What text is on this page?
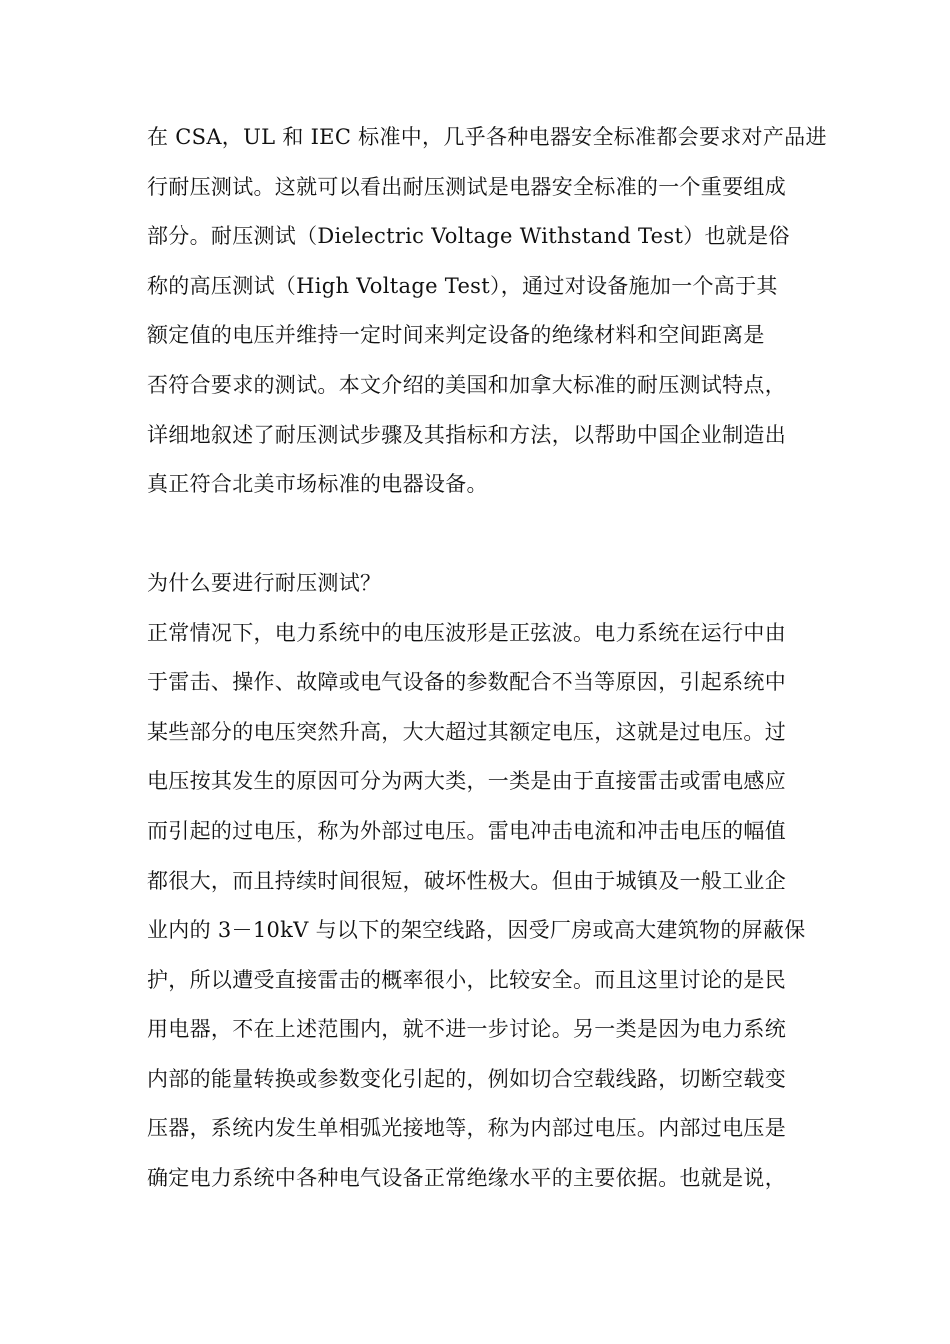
在 CSA，UL 和 IEC 标准中，几乎各种电器安全标准都会要求对产品进
行耐压测试。这就可以看出耐压测试是电器安全标准的一个重要组成
部分。耐压测试（Dielectric Voltage Withstand Test）也就是俗
称的高压测试（High Voltage Test），通过对设备施加一个高于其
额定值的电压并维持一定时间来判定设备的绝缘材料和空间距离是
否符合要求的测试。本文介绍的美国和加拿大标准的耐压测试特点，
详细地叙述了耐压测试步骤及其指标和方法，以帮助中国企业制造出
真正符合北美市场标准的电器设备。
为什么要进行耐压测试？
正常情况下，电力系统中的电压波形是正弦波。电力系统在运行中由
于雷击、操作、故障或电气设备的参数配合不当等原因，引起系统中
某些部分的电压突然升高，大大超过其额定电压，这就是过电压。过
电压按其发生的原因可分为两大类，一类是由于直接雷击或雷电感应
而引起的过电压，称为外部过电压。雷电冲击电流和冲击电压的幅值
都很大，而且持续时间很短，破坏性极大。但由于城镇及一般工业企
业内的 3－10kV 与以下的架空线路，因受厂房或高大建筑物的屏蔽保
护，所以遭受直接雷击的概率很小，比较安全。而且这里讨论的是民
用电器，不在上述范围内，就不进一步讨论。另一类是因为电力系统
内部的能量转换或参数变化引起的，例如切合空载线路，切断空载变
压器，系统内发生单相弧光接地等，称为内部过电压。内部过电压是
确定电力系统中各种电气设备正常绝缘水平的主要依据。也就是说，
